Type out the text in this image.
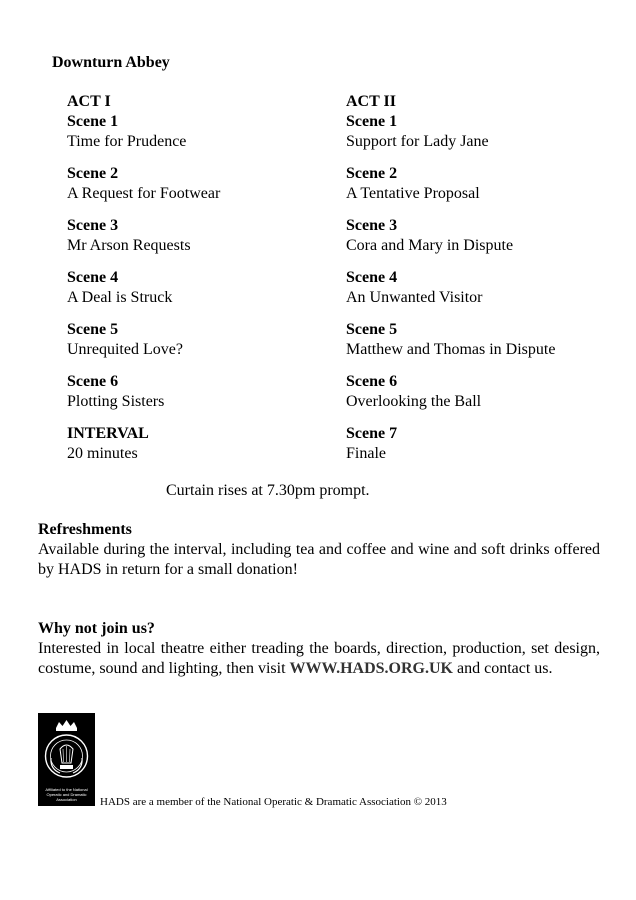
Downturn Abbey
ACT I
Scene 1
Time for Prudence
Scene 2
A Request for Footwear
Scene 3
Mr Arson Requests
Scene 4
A Deal is Struck
Scene 5
Unrequited Love?
Scene 6
Plotting Sisters
INTERVAL
20 minutes
ACT II
Scene 1
Support for Lady Jane
Scene 2
A Tentative Proposal
Scene 3
Cora and Mary in Dispute
Scene 4
An Unwanted Visitor
Scene 5
Matthew and Thomas in Dispute
Scene 6
Overlooking the Ball
Scene 7
Finale
Curtain rises at 7.30pm prompt.
Refreshments
Available during the interval, including tea and coffee and wine and soft drinks offered by HADS in return for a small donation!
Why not join us?
Interested in local theatre either treading the boards, direction, production, set design, costume, sound and lighting, then visit WWW.HADS.ORG.UK and contact us.
Affiliated to the National Operatic and Dramatic Association	HADS are a member of the National Operatic & Dramatic Association © 2013
